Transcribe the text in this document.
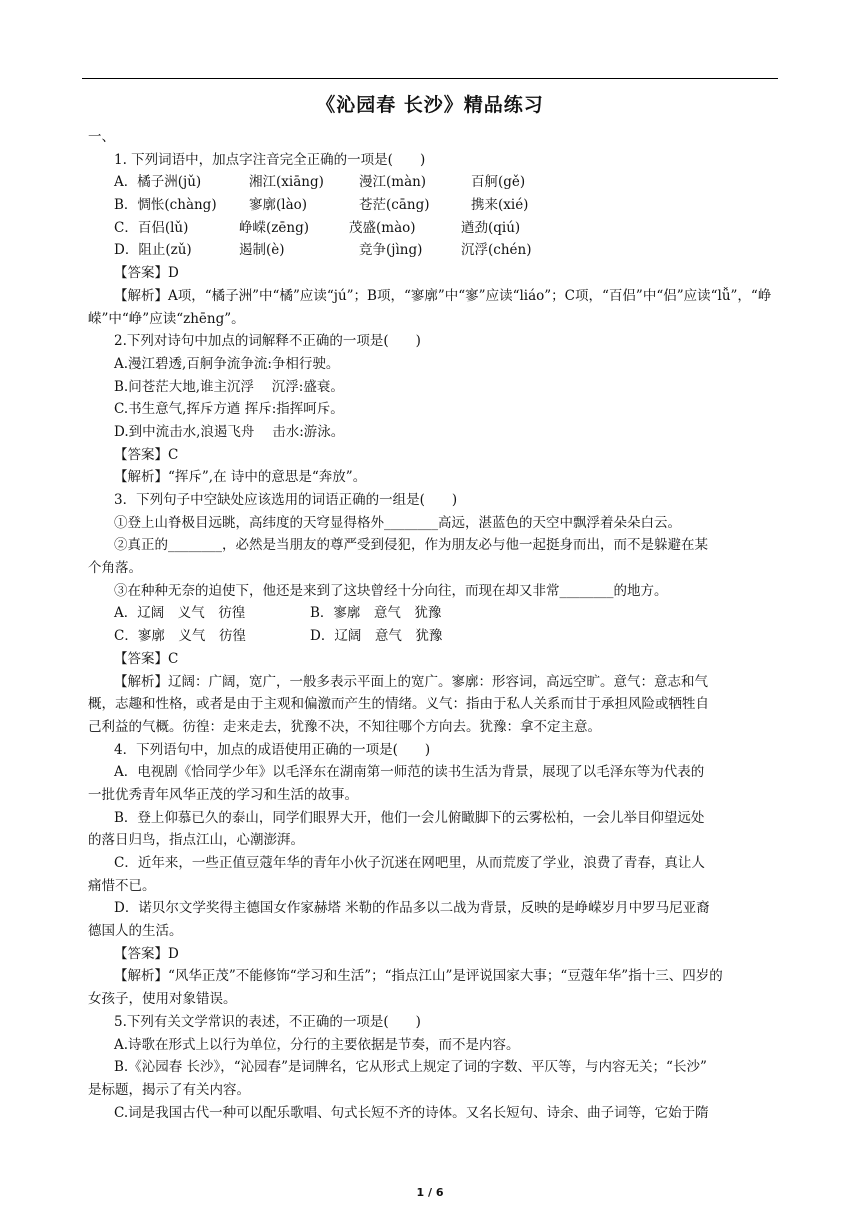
《沁园春 长沙》精品练习
一、
1. 下列词语中，加点字注音完全正确的一项是(　　)
A．橘子洲(jǔ)	湘江(xiāng)	漫江(màn)	百舸(gě)
B．惆怅(chàng) 寥廓(lào)	苍茫(cāng)	携来(xié)
C．百侣(lǔ)	峥嵘(zēng)	茂盛(mào)	遒劲(qiú)
D．阻止(zǔ)	遏制(è)	竞争(jìng)	沉浮(chén)
【答案】D
【解析】A项，“橘子洲”中“橘”应读“jú”；B项，“寥廓”中“寥”应读“liáo”；C项，“百侣”中“侣”应读“lǚ”，“峥
嵘”中“峥”应读“zhēng”。
2.下列对诗句中加点的词解释不正确的一项是(　　)
A.漫江碧透,百舸争流争流:争相行驶。
B.问苍茫大地,谁主沉浮　 沉浮:盛衰。
C.书生意气,挥斥方遒 挥斥:指挥呵斥。
D.到中流击水,浪遏飞舟　 击水:游泳。
【答案】C
【解析】“挥斥”,在 诗中的意思是“奔放”。
3．下列句子中空缺处应该选用的词语正确的一组是(　　)
①登上山脊极目远眺，高纬度的天穹显得格外________高远，湛蓝色的天空中飘浮着朵朵白云。
②真正的________，必然是当朋友的尊严受到侵犯，作为朋友必与他一起挺身而出，而不是躲避在某
个角落。
③在种种无奈的迫使下，他还是来到了这块曾经十分向往，而现在却又非常________的地方。
A．辽阔　义气　彷徨	B．寥廓　意气　犹豫
C．寥廓　义气　彷徨	D．辽阔　意气　犹豫
【答案】C
【解析】辽阔：广阔，宽广，一般多表示平面上的宽广。寥廓：形容词，高远空旷。意气：意志和气
概，志趣和性格，或者是由于主观和偏激而产生的情绪。义气：指由于私人关系而甘于承担风险或牺牲自
己利益的气概。彷徨：走来走去，犹豫不决，不知往哪个方向去。犹豫：拿不定主意。
4．下列语句中，加点的成语使用正确的一项是(　　)
A．电视剧《恰同学少年》以毛泽东在湖南第一师范的读书生活为背景，展现了以毛泽东等为代表的
一批优秀青年风华正茂的学习和生活的故事。
B．登上仰慕已久的泰山，同学们眼界大开，他们一会儿俯瞰脚下的云雾松柏，一会儿举目仰望远处
的落日归鸟，指点江山，心潮澎湃。
C．近年来，一些正值豆蔻年华的青年小伙子沉迷在网吧里，从而荒废了学业，浪费了青春，真让人
痛惜不已。
D．诺贝尔文学奖得主德国女作家赫塔 米勒的作品多以二战为背景，反映的是峥嵘岁月中罗马尼亚裔
德国人的生活。
【答案】D
【解析】“风华正茂”不能修饰“学习和生活”；“指点江山”是评说国家大事；“豆蔻年华”指十三、四岁的
女孩子，使用对象错误。
5.下列有关文学常识的表述，不正确的一项是(　　)
A.诗歌在形式上以行为单位，分行的主要依据是节奏，而不是内容。
B.《沁园春 长沙》，“沁园春”是词牌名，它从形式上规定了词的字数、平仄等，与内容无关；“长沙”
是标题，揭示了有关内容。
C.词是我国古代一种可以配乐歌唱、句式长短不齐的诗体。又名长短句、诗余、曲子词等，它始于隋
1 / 6
